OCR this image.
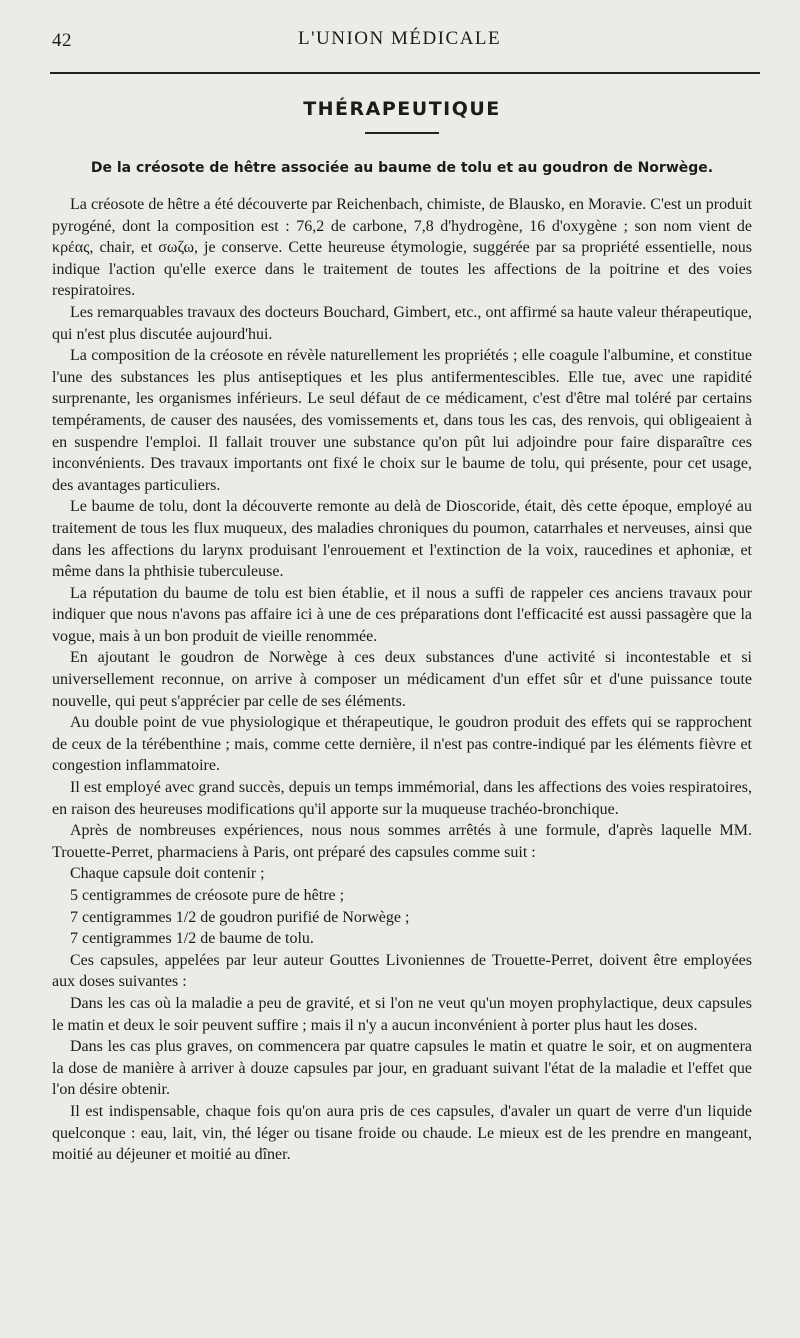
42	L'UNION MÉDICALE
THÉRAPEUTIQUE
De la créosote de hêtre associée au baume de tolu et au goudron de Norwège.

La créosote de hêtre a été découverte par Reichenbach, chimiste, de Blausko, en Moravie. C'est un produit pyrogéné, dont la composition est : 76,2 de carbone, 7,8 d'hydrogène, 16 d'oxygène ; son nom vient de κρέας, chair, et σωζω, je conserve. Cette heureuse étymologie, suggérée par sa propriété essentielle, nous indique l'action qu'elle exerce dans le traitement de toutes les affections de la poitrine et des voies respiratoires.

Les remarquables travaux des docteurs Bouchard, Gimbert, etc., ont affirmé sa haute valeur thérapeutique, qui n'est plus discutée aujourd'hui.

La composition de la créosote en révèle naturellement les propriétés ; elle coagule l'albumine, et constitue l'une des substances les plus antiseptiques et les plus antifermentescibles. Elle tue, avec une rapidité surprenante, les organismes inférieurs. Le seul défaut de ce médicament, c'est d'être mal toléré par certains tempéraments, de causer des nausées, des vomissements et, dans tous les cas, des renvois, qui obligeaient à en suspendre l'emploi. Il fallait trouver une substance qu'on pût lui adjoindre pour faire disparaître ces inconvénients. Des travaux importants ont fixé le choix sur le baume de tolu, qui présente, pour cet usage, des avantages particuliers.

Le baume de tolu, dont la découverte remonte au delà de Dioscoride, était, dès cette époque, employé au traitement de tous les flux muqueux, des maladies chroniques du poumon, catarrhales et nerveuses, ainsi que dans les affections du larynx produisant l'enrouement et l'extinction de la voix, raucedines et aphoniæ, et même dans la phthisie tuberculeuse.

La réputation du baume de tolu est bien établie, et il nous a suffi de rappeler ces anciens travaux pour indiquer que nous n'avons pas affaire ici à une de ces préparations dont l'efficacité est aussi passagère que la vogue, mais à un bon produit de vieille renommée.

En ajoutant le goudron de Norwège à ces deux substances d'une activité si incontestable et si universellement reconnue, on arrive à composer un médicament d'un effet sûr et d'une puissance toute nouvelle, qui peut s'apprécier par celle de ses éléments.

Au double point de vue physiologique et thérapeutique, le goudron produit des effets qui se rapprochent de ceux de la térébenthine ; mais, comme cette dernière, il n'est pas contre-indiqué par les éléments fièvre et congestion inflammatoire.

Il est employé avec grand succès, depuis un temps immémorial, dans les affections des voies respiratoires, en raison des heureuses modifications qu'il apporte sur la muqueuse trachéo-bronchique.

Après de nombreuses expériences, nous nous sommes arrêtés à une formule, d'après laquelle MM. Trouette-Perret, pharmaciens à Paris, ont préparé des capsules comme suit :

Chaque capsule doit contenir ;

5 centigrammes de créosote pure de hêtre ;

7 centigrammes 1/2 de goudron purifié de Norwège ;

7 centigrammes 1/2 de baume de tolu.

Ces capsules, appelées par leur auteur Gouttes Livoniennes de Trouette-Perret, doivent être employées aux doses suivantes :

Dans les cas où la maladie a peu de gravité, et si l'on ne veut qu'un moyen prophylactique, deux capsules le matin et deux le soir peuvent suffire ; mais il n'y a aucun inconvénient à porter plus haut les doses.

Dans les cas plus graves, on commencera par quatre capsules le matin et quatre le soir, et on augmentera la dose de manière à arriver à douze capsules par jour, en graduant suivant l'état de la maladie et l'effet que l'on désire obtenir.

Il est indispensable, chaque fois qu'on aura pris de ces capsules, d'avaler un quart de verre d'un liquide quelconque : eau, lait, vin, thé léger ou tisane froide ou chaude. Le mieux est de les prendre en mangeant, moitié au déjeuner et moitié au dîner.
